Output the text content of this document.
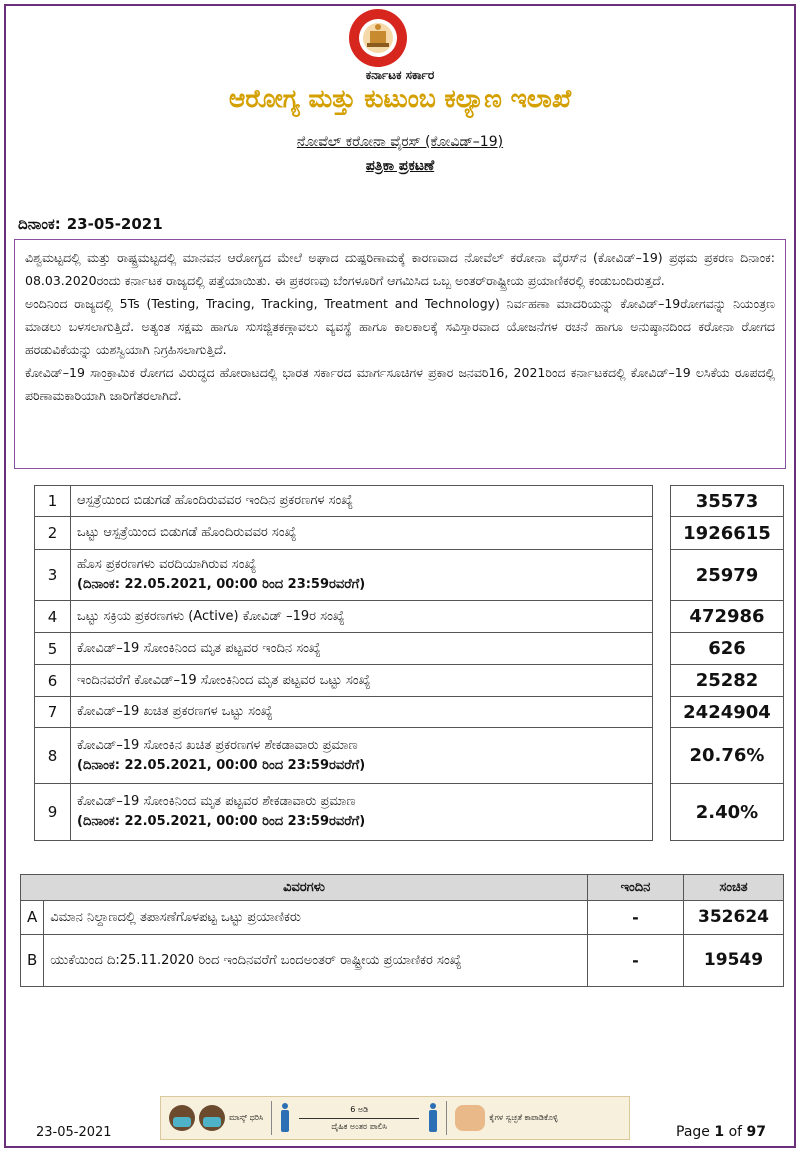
ಕರ್ನಾಟಕ ಸರ್ಕಾರ
ಆರೋಗ್ಯ ಮತ್ತು ಕುಟುಂಬ ಕಲ್ಯಾಣ ಇಲಾಖೆ
ನೋವೆಲ್ ಕರೋನಾ ವೈರಸ್ (ಕೋವಿಡ್–19)
ಪತ್ರಿಕಾ ಪ್ರಕಟಣೆ
ದಿನಾಂಕ: 23-05-2021

ವಿಶ್ವಮಟ್ಟದಲ್ಲಿ ಮತ್ತು ರಾಷ್ಟ್ರಮಟ್ಟದಲ್ಲಿ ಮಾನವನ ಆರೋಗ್ಯದ ಮೇಲೆ ಅಘಾದ ದುಷ್ಪರಿಣಾಮಕ್ಕೆ ಕಾರಣವಾದ ನೋವೆಲ್ ಕರೋನಾ ವೈರಸ್‌ನ (ಕೋವಿಡ್–19) ಪ್ರಥಮ ಪ್ರಕರಣ ದಿನಾಂಕ: 08.03.2020ರಂದು ಕರ್ನಾಟಕ ರಾಜ್ಯದಲ್ಲಿ ಪತ್ತೆಯಾಯಿತು. ಈ ಪ್ರಕರಣವು ಬೆಂಗಳೂರಿಗೆ ಆಗಮಿಸಿದ ಒಬ್ಬ ಅಂತರ್‌ರಾಷ್ಟ್ರೀಯ ಪ್ರಯಾಣಿಕರಲ್ಲಿ ಕಂಡುಬಂದಿರುತ್ತದೆ.

ಅಂದಿನಿಂದ ರಾಜ್ಯದಲ್ಲಿ 5Ts (Testing, Tracing, Tracking, Treatment and Technology) ನಿರ್ವಹಣಾ ಮಾದರಿಯನ್ನು ಕೋವಿಡ್–19ರೋಗವನ್ನು ನಿಯಂತ್ರಣ ಮಾಡಲು ಬಳಸಲಾಗುತ್ತಿದೆ. ಅತ್ಯಂತ ಸಕ್ಷಮ ಹಾಗೂ ಸುಸಜ್ಜಿತಕಣ್ಗಾವಲು ವ್ಯವಸ್ಥೆ ಹಾಗೂ ಕಾಲಕಾಲಕ್ಕೆ ಸವಿಸ್ತಾರವಾದ ಯೋಜನೆಗಳ ರಚನೆ ಹಾಗೂ ಅನುಷ್ಠಾನದಿಂದ ಕರೋನಾ ರೋಗದ ಹರಡುವಿಕೆಯನ್ನು ಯಶಸ್ವಿಯಾಗಿ ನಿಗ್ರಹಿಸಲಾಗುತ್ತಿದೆ.

ಕೋವಿಡ್–19 ಸಾಂಕ್ರಾಮಿಕ ರೋಗದ ವಿರುದ್ಧದ ಹೋರಾಟದಲ್ಲಿ ಭಾರತ ಸರ್ಕಾರದ ಮಾರ್ಗಸೂಚಿಗಳ ಪ್ರಕಾರ ಜನವರಿ16, 2021ರಿಂದ ಕರ್ನಾಟಕದಲ್ಲಿ ಕೋವಿಡ್–19 ಲಸಿಕೆಯ ರೂಪದಲ್ಲಿ ಪರಿಣಾಮಕಾರಿಯಾಗಿ ಜಾರಿಗೆತರಲಾಗಿದೆ.

1	ಆಸ್ಪತ್ರೆಯಿಂದ ಬಿಡುಗಡೆ ಹೊಂದಿರುವವರ ಇಂದಿನ ಪ್ರಕರಣಗಳ ಸಂಖ್ಯೆ		35573
2	ಒಟ್ಟು ಆಸ್ಪತ್ರೆಯಿಂದ ಬಿಡುಗಡೆ ಹೊಂದಿರುವವರ ಸಂಖ್ಯೆ		1926615
3	ಹೊಸ ಪ್ರಕರಣಗಳು ವರದಿಯಾಗಿರುವ ಸಂಖ್ಯೆ
(ದಿನಾಂಕ: 22.05.2021, 00:00 ರಿಂದ 23:59ರವರೆಗೆ)		25979
4	ಒಟ್ಟು ಸಕ್ರಿಯ ಪ್ರಕರಣಗಳು (Active) ಕೋವಿಡ್ –19ರ ಸಂಖ್ಯೆ		472986
5	ಕೋವಿಡ್–19 ಸೋಂಕಿನಿಂದ ಮೃತ ಪಟ್ಟವರ ಇಂದಿನ ಸಂಖ್ಯೆ		626
6	ಇಂದಿನವರೆಗೆ ಕೋವಿಡ್–19 ಸೋಂಕಿನಿಂದ ಮೃತ ಪಟ್ಟವರ ಒಟ್ಟು ಸಂಖ್ಯೆ		25282
7	ಕೋವಿಡ್–19 ಖಚಿತ ಪ್ರಕರಣಗಳ ಒಟ್ಟು ಸಂಖ್ಯೆ		2424904
8	ಕೋವಿಡ್–19 ಸೋಂಕಿನ ಖಚಿತ ಪ್ರಕರಣಗಳ ಶೇಕಡಾವಾರು ಪ್ರಮಾಣ
(ದಿನಾಂಕ: 22.05.2021, 00:00 ರಿಂದ 23:59ರವರೆಗೆ)		20.76%
9	ಕೋವಿಡ್–19 ಸೋಂಕಿನಿಂದ ಮೃತ ಪಟ್ಟವರ ಶೇಕಡಾವಾರು ಪ್ರಮಾಣ
(ದಿನಾಂಕ: 22.05.2021, 00:00 ರಿಂದ 23:59ರವರೆಗೆ)		2.40%
ವಿವರಗಳು		ಇಂದಿನ	ಸಂಚಿತ
A	ವಿಮಾನ ನಿಲ್ದಾಣದಲ್ಲಿ ತಪಾಸಣೆಗೊಳಪಟ್ಟ ಒಟ್ಟು ಪ್ರಯಾಣಿಕರು	-	352624
B	ಯುಕೆಯಿಂದ ದಿ:25.11.2020 ರಿಂದ ಇಂದಿನವರೆಗೆ ಬಂದಅಂತರ್ ರಾಷ್ಟ್ರೀಯ ಪ್ರಯಾಣಿಕರ ಸಂಖ್ಯೆ	-	19549
ಮಾಸ್ಕ್ ಧರಿಸಿ
6 ಅಡಿ
ದೈಹಿಕ ಅಂತರ ಪಾಲಿಸಿ
ಕೈಗಳ ಸ್ವಚ್ಛತೆ ಕಾಪಾಡಿಕೊಳ್ಳಿ
23-05-2021	Page 1 of 97
